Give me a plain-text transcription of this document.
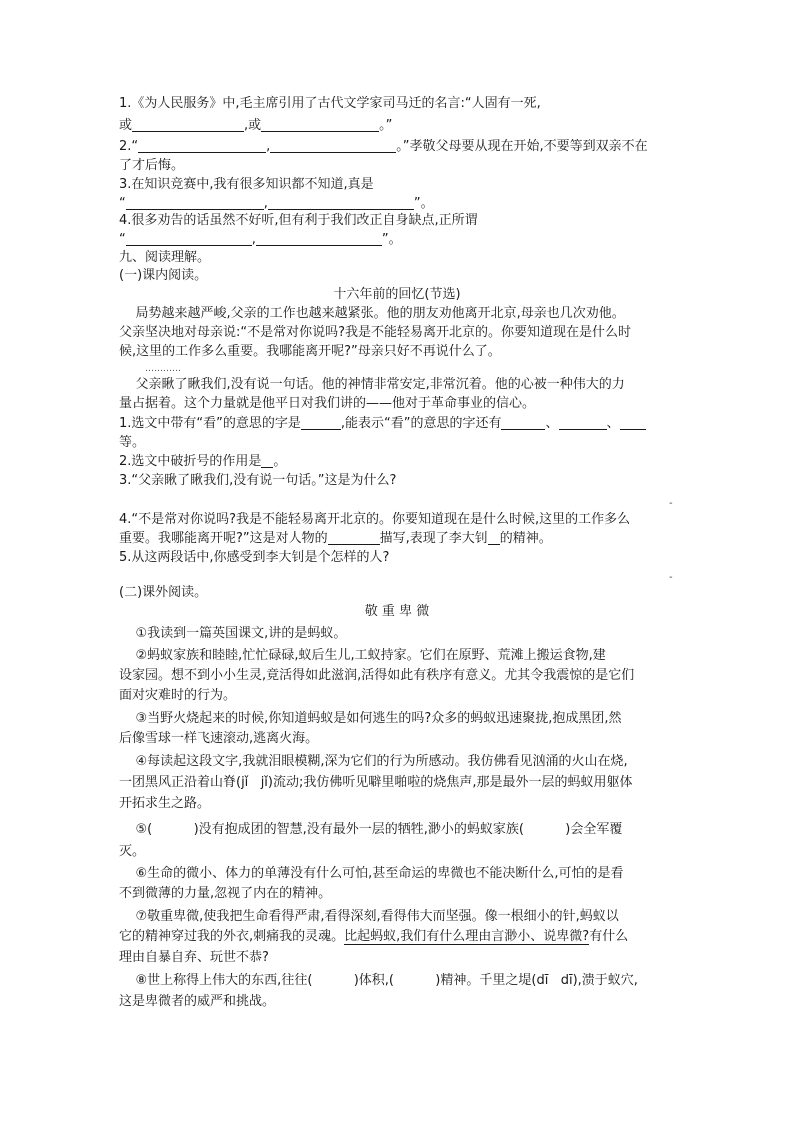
1.《为人民服务》中,毛主席引用了古代文学家司马迁的名言:“人固有一死,
或	,或	。”
2.“	,	。”孝敬父母要从现在开始,不要等到双亲不在
了才后悔。
3.在知识竞赛中,我有很多知识都不知道,真是
“	,	”。
4.很多劝告的话虽然不好听,但有利于我们改正自身缺点,正所谓
“	,	”。
九、阅读理解。
(一)课内阅读。
十六年前的回忆(节选)
局势越来越严峻,父亲的工作也越来越紧张。他的朋友劝他离开北京,母亲也几次劝他。
父亲坚决地对母亲说:“不是常对你说吗?我是不能轻易离开北京的。你要知道现在是什么时
候,这里的工作多么重要。我哪能离开呢?”母亲只好不再说什么了。
…………
父亲瞅了瞅我们,没有说一句话。他的神情非常安定,非常沉着。他的心被一种伟大的力
量占据着。这个力量就是他平日对我们讲的——他对于革命事业的信心。
1.选文中带有“看”的意思的字是	,能表示“看”的意思的字还有	、	、
等。
2.选文中破折号的作用是 。
3.“父亲瞅了瞅我们,没有说一句话。”这是为什么?
-
4.“不是常对你说吗?我是不能轻易离开北京的。你要知道现在是什么时候,这里的工作多么
重要。我哪能离开呢?”这是对人物的	描写,表现了李大钊 的精神。
5.从这两段话中,你感受到李大钊是个怎样的人?
-
(二)课外阅读。
敬 重 卑 微
①我读到一篇英国课文,讲的是蚂蚁。
②蚂蚁家族和睦睦,忙忙碌碌,蚁后生儿,工蚁持家。它们在原野、荒滩上搬运食物,建
设家园。想不到小小生灵,竟活得如此滋润,活得如此有秩序有意义。尤其令我震惊的是它们
面对灾难时的行为。
③当野火烧起来的时候,你知道蚂蚁是如何逃生的吗?众多的蚂蚁迅速聚拢,抱成黑团,然
后像雪球一样飞速滚动,逃离火海。
④每读起这段文字,我就泪眼模糊,深为它们的行为所感动。我仿佛看见汹涌的火山在烧,
一团黑风正沿着山脊(jǐ   jǐ)流动;我仿佛听见噼里啪啦的烧焦声,那是最外一层的蚂蚁用躯体
开拓求生之路。
⑤(          )没有抱成团的智慧,没有最外一层的牺牲,渺小的蚂蚁家族(          )会全军覆
灭。
⑥生命的微小、体力的单薄没有什么可怕,甚至命运的卑微也不能决断什么,可怕的是看
不到微薄的力量,忽视了内在的精神。
⑦敬重卑微,使我把生命看得严肃,看得深刻,看得伟大而坚强。像一根细小的针,蚂蚁以
它的精神穿过我的外衣,刺痛我的灵魂。比起蚂蚁,我们有什么理由言渺小、说卑微?有什么
理由自暴自弃、玩世不恭?
⑧世上称得上伟大的东西,往往(          )体积,(          )精神。千里之堤(dī   dī),溃于蚁穴,
这是卑微者的威严和挑战。
